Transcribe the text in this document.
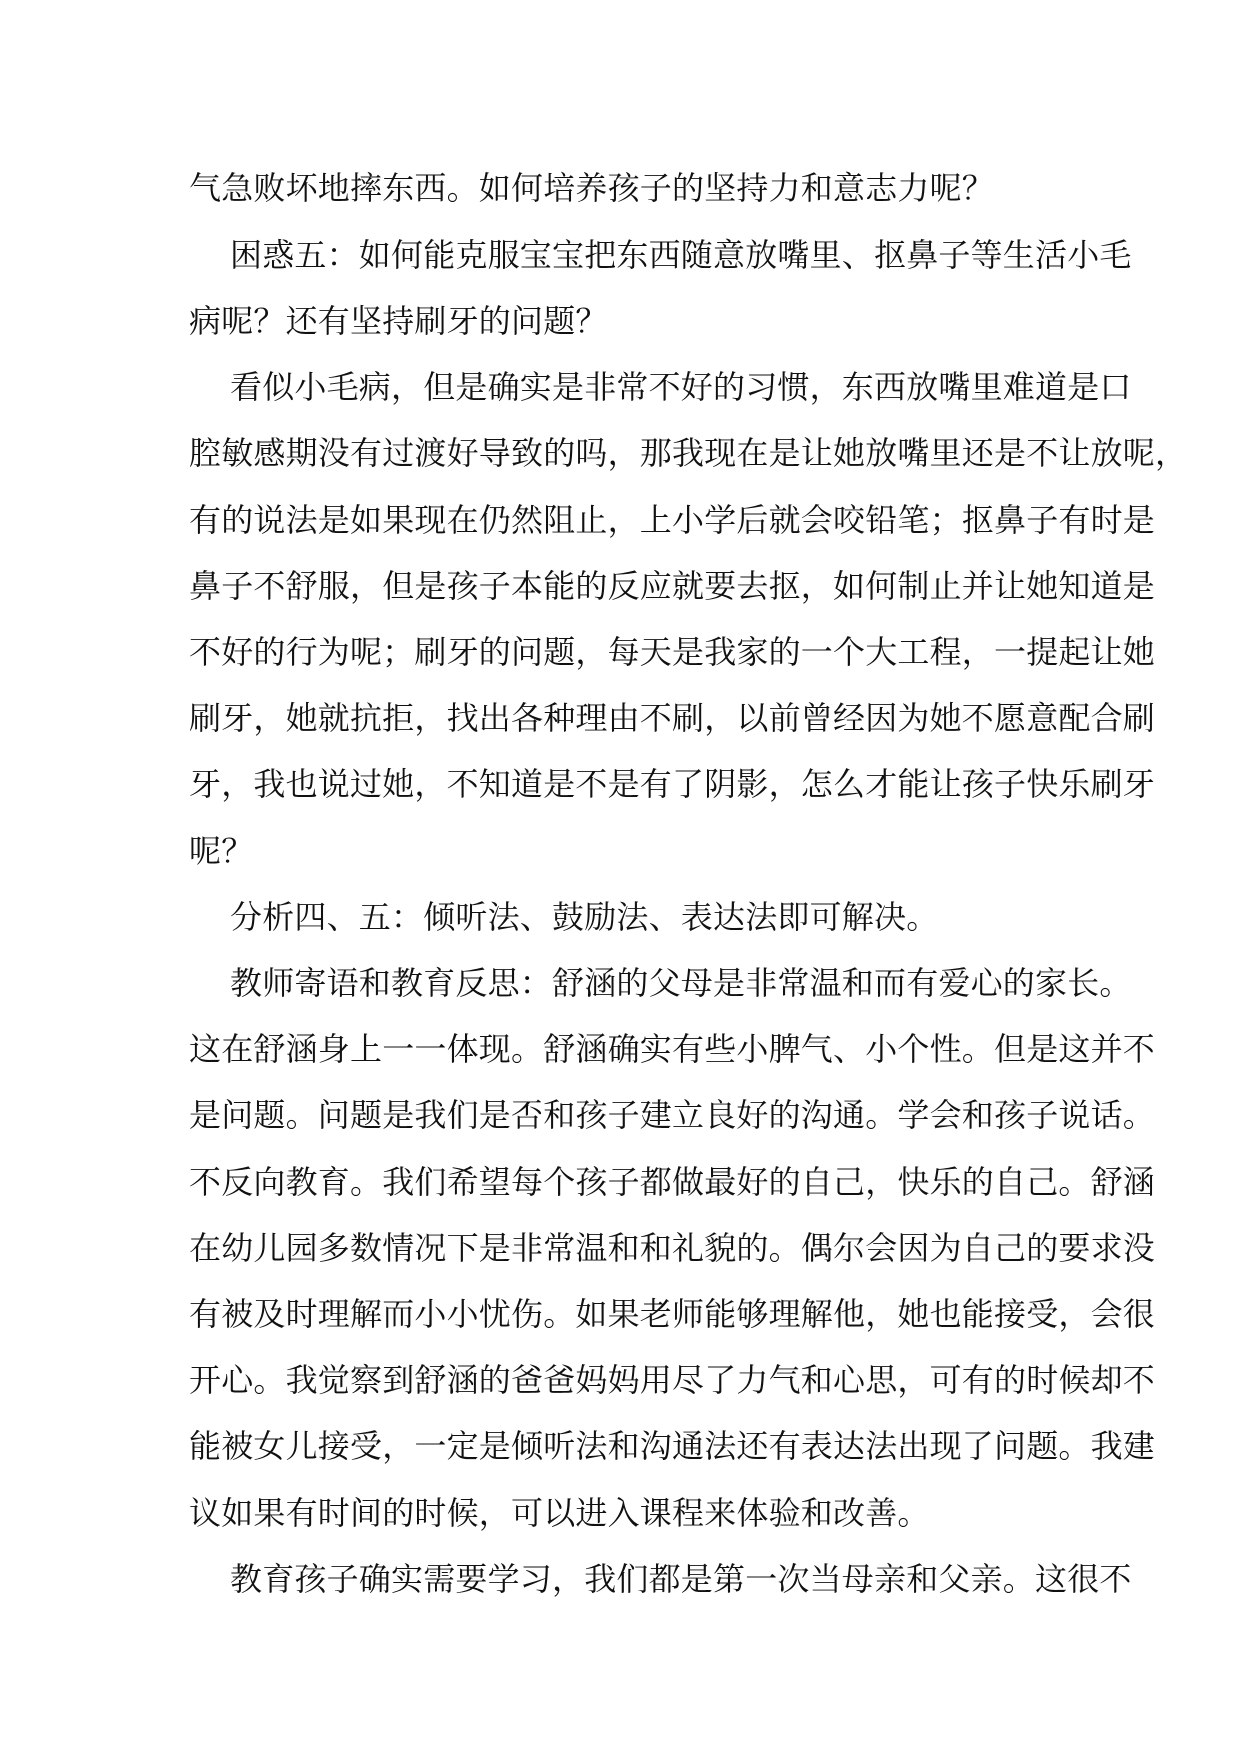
气急败坏地摔东西。如何培养孩子的坚持力和意志力呢？
困惑五：如何能克服宝宝把东西随意放嘴里、抠鼻子等生活小毛
病呢？还有坚持刷牙的问题？
看似小毛病，但是确实是非常不好的习惯，东西放嘴里难道是口
腔敏感期没有过渡好导致的吗，那我现在是让她放嘴里还是不让放呢，
有的说法是如果现在仍然阻止，上小学后就会咬铅笔；抠鼻子有时是
鼻子不舒服，但是孩子本能的反应就要去抠，如何制止并让她知道是
不好的行为呢；刷牙的问题，每天是我家的一个大工程，一提起让她
刷牙，她就抗拒，找出各种理由不刷，以前曾经因为她不愿意配合刷
牙，我也说过她，不知道是不是有了阴影，怎么才能让孩子快乐刷牙
呢？
分析四、五：倾听法、鼓励法、表达法即可解决。
教师寄语和教育反思：舒涵的父母是非常温和而有爱心的家长。
这在舒涵身上一一体现。舒涵确实有些小脾气、小个性。但是这并不
是问题。问题是我们是否和孩子建立良好的沟通。学会和孩子说话。
不反向教育。我们希望每个孩子都做最好的自己，快乐的自己。舒涵
在幼儿园多数情况下是非常温和和礼貌的。偶尔会因为自己的要求没
有被及时理解而小小忧伤。如果老师能够理解他，她也能接受，会很
开心。我觉察到舒涵的爸爸妈妈用尽了力气和心思，可有的时候却不
能被女儿接受，一定是倾听法和沟通法还有表达法出现了问题。我建
议如果有时间的时候，可以进入课程来体验和改善。
教育孩子确实需要学习，我们都是第一次当母亲和父亲。这很不
